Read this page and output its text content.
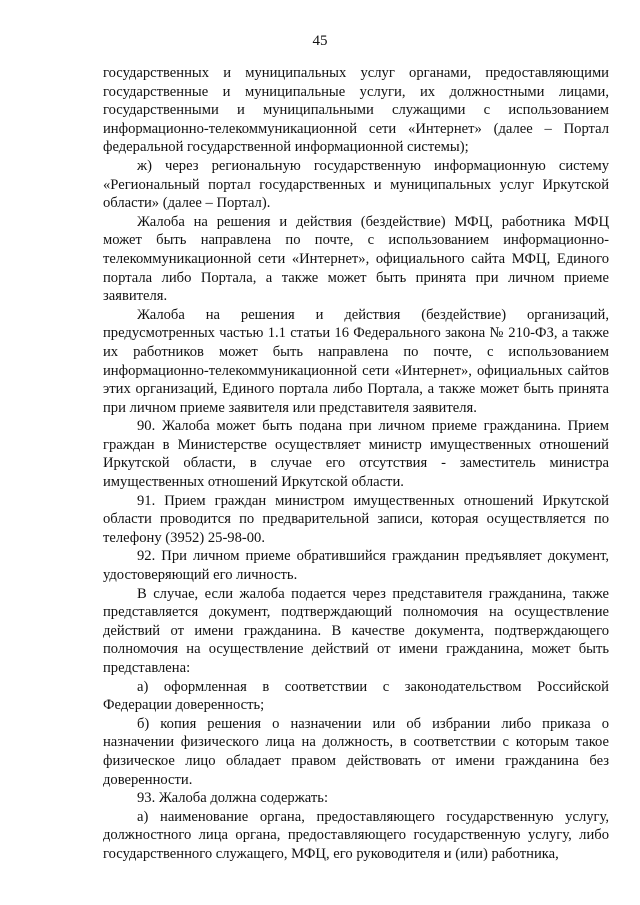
45

государственных и муниципальных услуг органами, предоставляющими государственные и муниципальные услуги, их должностными лицами, государственными и муниципальными служащими с использованием информационно-телекоммуникационной сети «Интернет» (далее – Портал федеральной государственной информационной системы);

ж) через региональную государственную информационную систему «Региональный портал государственных и муниципальных услуг Иркутской области» (далее – Портал).

Жалоба на решения и действия (бездействие) МФЦ, работника МФЦ может быть направлена по почте, с использованием информационно-телекоммуникационной сети «Интернет», официального сайта МФЦ, Единого портала либо Портала, а также может быть принята при личном приеме заявителя.

Жалоба на решения и действия (бездействие) организаций, предусмотренных частью 1.1 статьи 16 Федерального закона № 210-ФЗ, а также их работников может быть направлена по почте, с использованием информационно-телекоммуникационной сети «Интернет», официальных сайтов этих организаций, Единого портала либо Портала, а также может быть принята при личном приеме заявителя или представителя заявителя.

90. Жалоба может быть подана при личном приеме гражданина. Прием граждан в Министерстве осуществляет министр имущественных отношений Иркутской области, в случае его отсутствия - заместитель министра имущественных отношений Иркутской области.

91. Прием граждан министром имущественных отношений Иркутской области проводится по предварительной записи, которая осуществляется по телефону (3952) 25-98-00.

92. При личном приеме обратившийся гражданин предъявляет документ, удостоверяющий его личность.

В случае, если жалоба подается через представителя гражданина, также представляется документ, подтверждающий полномочия на осуществление действий от имени гражданина. В качестве документа, подтверждающего полномочия на осуществление действий от имени гражданина, может быть представлена:

а) оформленная в соответствии с законодательством Российской Федерации доверенность;

б) копия решения о назначении или об избрании либо приказа о назначении физического лица на должность, в соответствии с которым такое физическое лицо обладает правом действовать от имени гражданина без доверенности.

93. Жалоба должна содержать:

а) наименование органа, предоставляющего государственную услугу, должностного лица органа, предоставляющего государственную услугу, либо государственного служащего, МФЦ, его руководителя и (или) работника,
